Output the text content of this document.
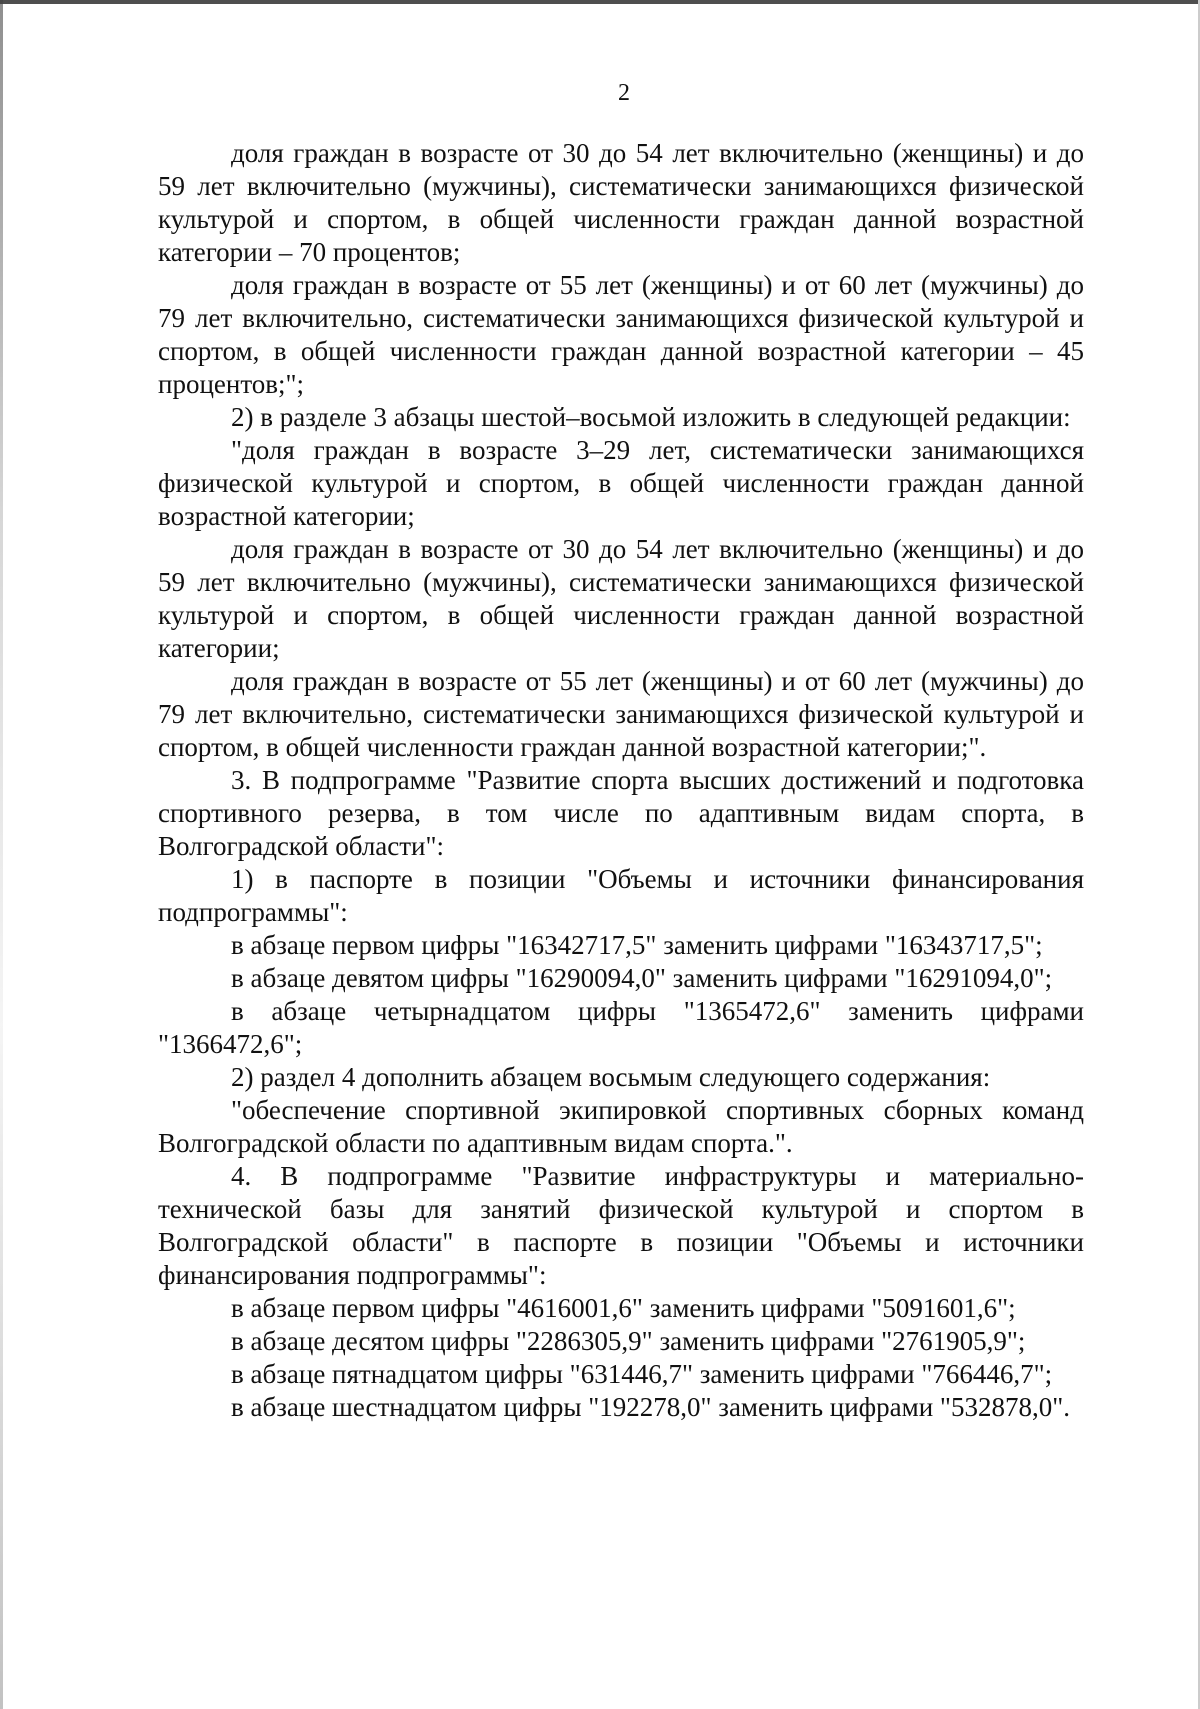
2

доля граждан в возрасте от 30 до 54 лет включительно (женщины) и до 59 лет включительно (мужчины), систематически занимающихся физической культурой и спортом, в общей численности граждан данной возрастной категории – 70 процентов;

доля граждан в возрасте от 55 лет (женщины) и от 60 лет (мужчины) до 79 лет включительно, систематически занимающихся физической культурой и спортом, в общей численности граждан данной возрастной категории – 45 процентов;";

2) в разделе 3 абзацы шестой–восьмой изложить в следующей редакции:

"доля граждан в возрасте 3–29 лет, систематически занимающихся физической культурой и спортом, в общей численности граждан данной возрастной категории;

доля граждан в возрасте от 30 до 54 лет включительно (женщины) и до 59 лет включительно (мужчины), систематически занимающихся физической культурой и спортом, в общей численности граждан данной возрастной категории;

доля граждан в возрасте от 55 лет (женщины) и от 60 лет (мужчины) до 79 лет включительно, систематически занимающихся физической культурой и спортом, в общей численности граждан данной возрастной категории;".

3. В подпрограмме "Развитие спорта высших достижений и подготовка спортивного резерва, в том числе по адаптивным видам спорта, в Волгоградской области":

1) в паспорте в позиции "Объемы и источники финансирования подпрограммы":

в абзаце первом цифры "16342717,5" заменить цифрами "16343717,5";

в абзаце девятом цифры "16290094,0" заменить цифрами "16291094,0";

в абзаце четырнадцатом цифры "1365472,6" заменить цифрами "1366472,6";

2) раздел 4 дополнить абзацем восьмым следующего содержания:

"обеспечение спортивной экипировкой спортивных сборных команд Волгоградской области по адаптивным видам спорта.".

4. В подпрограмме "Развитие инфраструктуры и материально-технической базы для занятий физической культурой и спортом в Волгоградской области" в паспорте в позиции "Объемы и источники финансирования подпрограммы":

в абзаце первом цифры "4616001,6" заменить цифрами "5091601,6";

в абзаце десятом цифры "2286305,9" заменить цифрами "2761905,9";

в абзаце пятнадцатом цифры "631446,7" заменить цифрами "766446,7";

в абзаце шестнадцатом цифры "192278,0" заменить цифрами "532878,0".
